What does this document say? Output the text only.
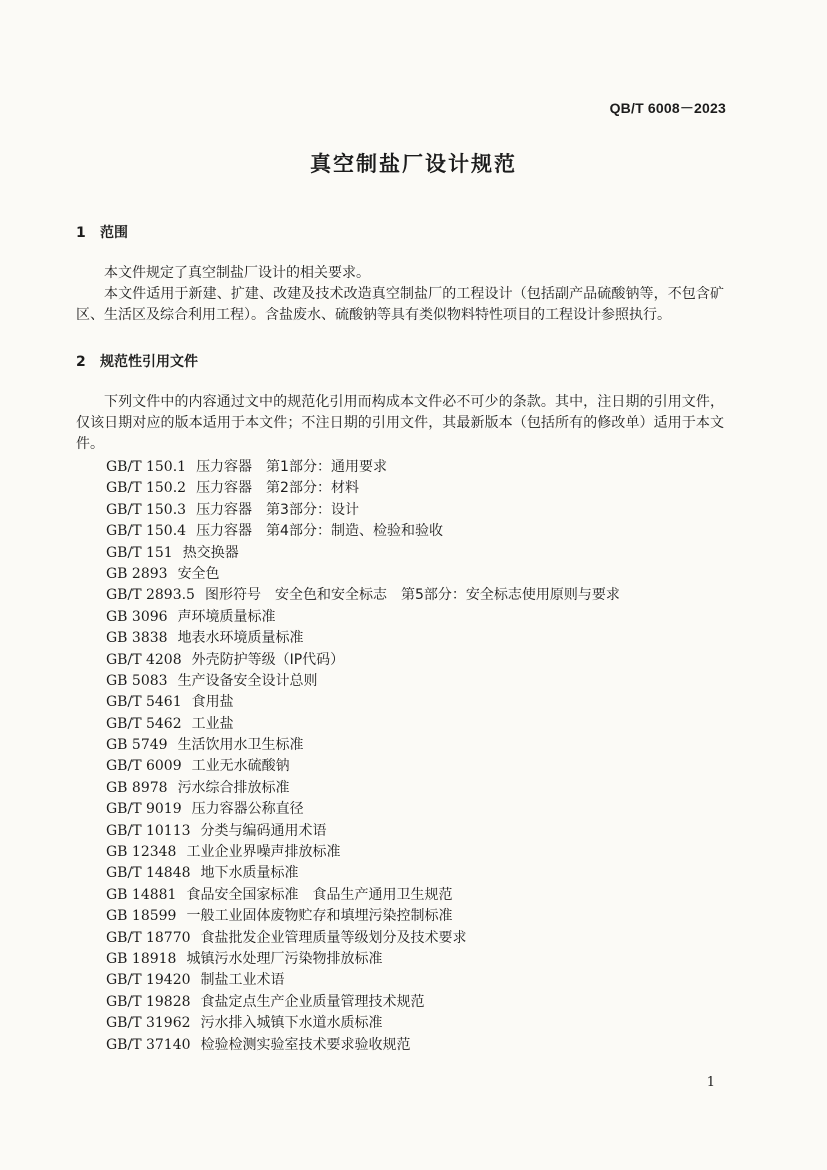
QB/T 6008－2023
真空制盐厂设计规范
1 范围
本文件规定了真空制盐厂设计的相关要求。
本文件适用于新建、扩建、改建及技术改造真空制盐厂的工程设计（包括副产品硫酸钠等，不包含矿区、生活区及综合利用工程）。含盐废水、硫酸钠等具有类似物料特性项目的工程设计参照执行。
2 规范性引用文件
下列文件中的内容通过文中的规范化引用而构成本文件必不可少的条款。其中，注日期的引用文件，仅该日期对应的版本适用于本文件；不注日期的引用文件，其最新版本（包括所有的修改单）适用于本文件。
GB/T 150.1 压力容器　第1部分：通用要求
GB/T 150.2 压力容器　第2部分：材料
GB/T 150.3 压力容器　第3部分：设计
GB/T 150.4 压力容器　第4部分：制造、检验和验收
GB/T 151 热交换器
GB 2893 安全色
GB/T 2893.5 图形符号　安全色和安全标志　第5部分：安全标志使用原则与要求
GB 3096 声环境质量标准
GB 3838 地表水环境质量标准
GB/T 4208 外壳防护等级（IP代码）
GB 5083 生产设备安全设计总则
GB/T 5461 食用盐
GB/T 5462 工业盐
GB 5749 生活饮用水卫生标准
GB/T 6009 工业无水硫酸钠
GB 8978 污水综合排放标准
GB/T 9019 压力容器公称直径
GB/T 10113 分类与编码通用术语
GB 12348 工业企业界噪声排放标准
GB/T 14848 地下水质量标准
GB 14881 食品安全国家标准　食品生产通用卫生规范
GB 18599 一般工业固体废物贮存和填埋污染控制标准
GB/T 18770 食盐批发企业管理质量等级划分及技术要求
GB 18918 城镇污水处理厂污染物排放标准
GB/T 19420 制盐工业术语
GB/T 19828 食盐定点生产企业质量管理技术规范
GB/T 31962 污水排入城镇下水道水质标准
GB/T 37140 检验检测实验室技术要求验收规范
1
